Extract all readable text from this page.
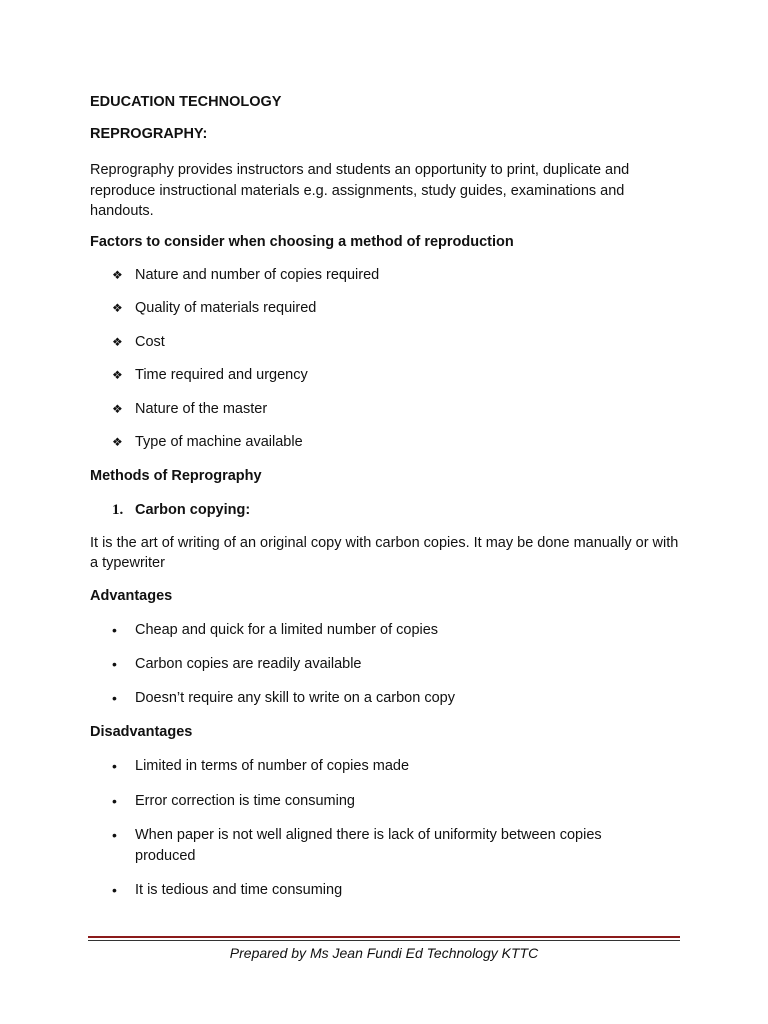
EDUCATION TECHNOLOGY

REPROGRAPHY:

Reprography provides instructors and students an opportunity to print, duplicate and reproduce instructional materials e.g. assignments, study guides, examinations and handouts.

Factors to consider when choosing a method of reproduction

❖ Nature and number of copies required
❖ Quality of materials required
❖ Cost
❖ Time required and urgency
❖ Nature of the master
❖ Type of machine available

Methods of Reprography

1. Carbon copying:

It is the art of writing of an original copy with carbon copies. It may be done manually or with a typewriter

Advantages

•	Cheap and quick for a limited number of copies
•	Carbon copies are readily available
•	Doesn’t require any skill to write on a carbon copy

Disadvantages

•	Limited in terms of number of copies made
•	Error correction is time consuming
•	When paper is not well aligned there is lack of uniformity between copies produced
•	It is tedious and time consuming
Prepared by Ms Jean Fundi Ed Technology KTTC
